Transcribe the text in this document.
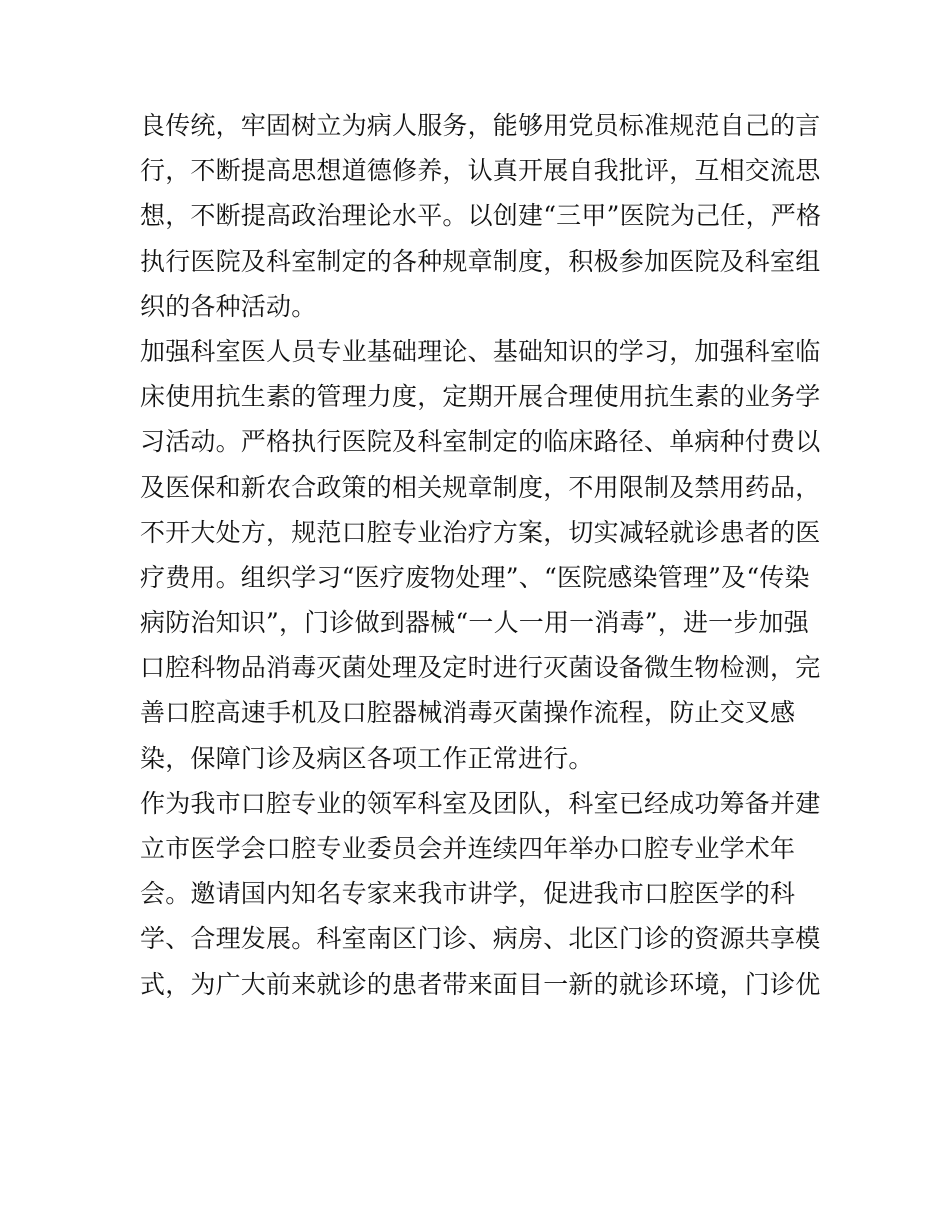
良传统，牢固树立为病人服务，能够用党员标准规范自己的言
行，不断提高思想道德修养，认真开展自我批评，互相交流思
想，不断提高政治理论水平。以创建“三甲”医院为己任，严格
执行医院及科室制定的各种规章制度，积极参加医院及科室组
织的各种活动。
加强科室医人员专业基础理论、基础知识的学习，加强科室临
床使用抗生素的管理力度，定期开展合理使用抗生素的业务学
习活动。严格执行医院及科室制定的临床路径、单病种付费以
及医保和新农合政策的相关规章制度，不用限制及禁用药品，
不开大处方，规范口腔专业治疗方案，切实减轻就诊患者的医
疗费用。组织学习“医疗废物处理”、“医院感染管理”及“传染
病防治知识”，门诊做到器械“一人一用一消毒”，进一步加强
口腔科物品消毒灭菌处理及定时进行灭菌设备微生物检测，完
善口腔高速手机及口腔器械消毒灭菌操作流程，防止交叉感
染，保障门诊及病区各项工作正常进行。
作为我市口腔专业的领军科室及团队，科室已经成功筹备并建
立市医学会口腔专业委员会并连续四年举办口腔专业学术年
会。邀请国内知名专家来我市讲学，促进我市口腔医学的科
学、合理发展。科室南区门诊、病房、北区门诊的资源共享模
式，为广大前来就诊的患者带来面目一新的就诊环境，门诊优
